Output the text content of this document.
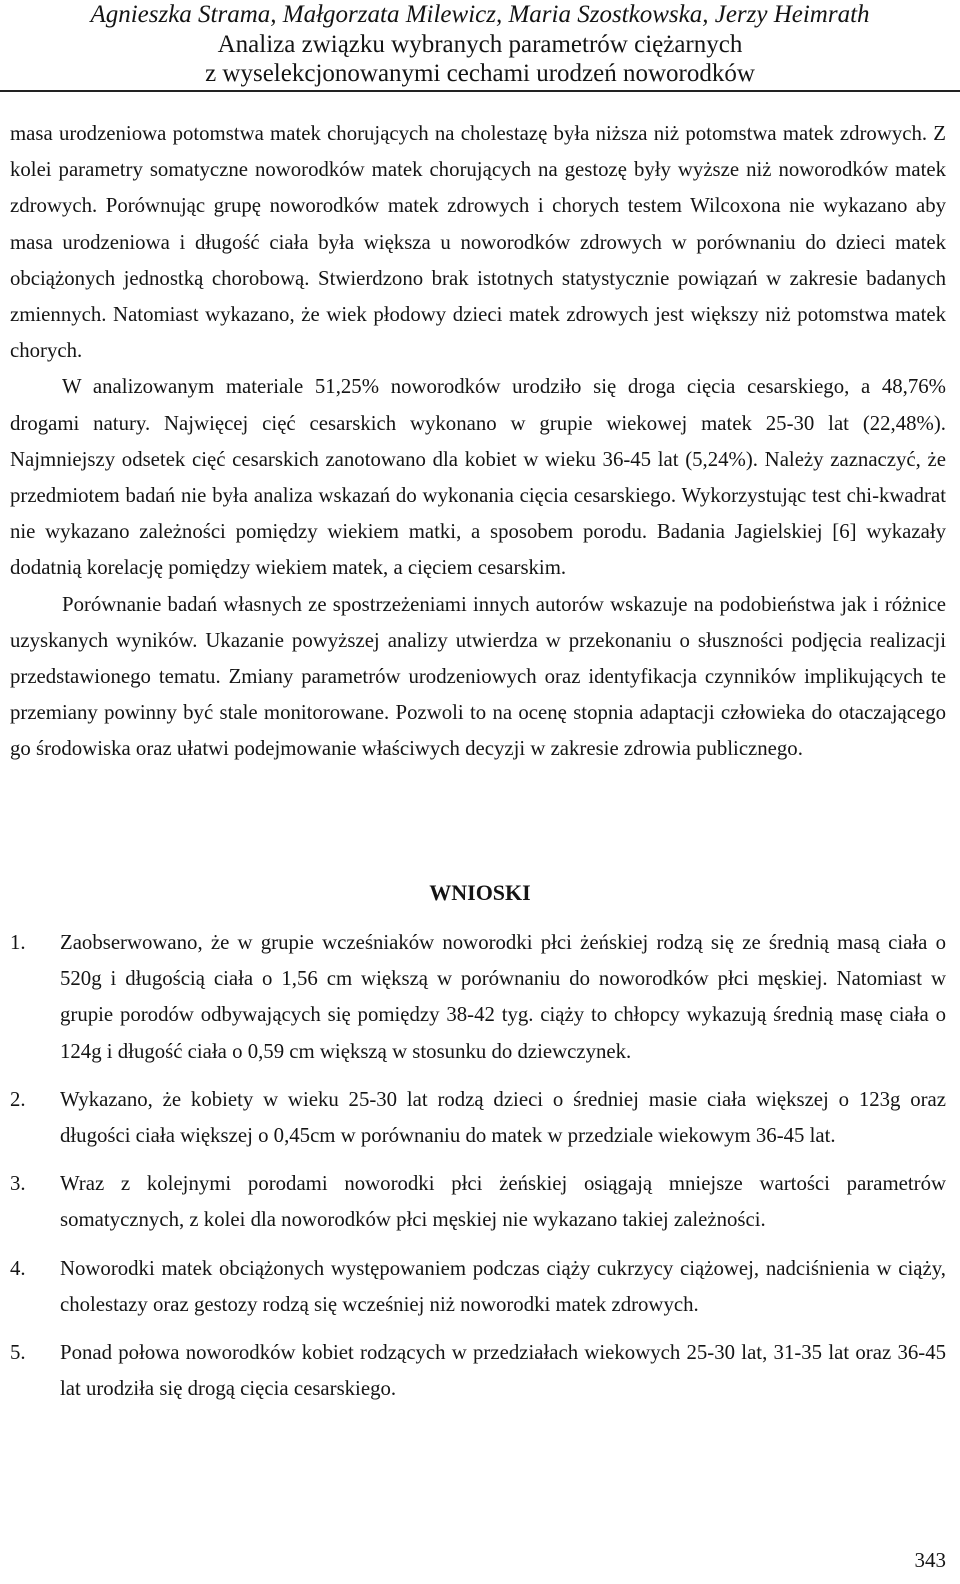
Agnieszka Strama, Małgorzata Milewicz, Maria Szostkowska, Jerzy Heimrath
Analiza związku wybranych parametrów ciężarnych
z wyselekcjonowanymi cechami urodzeń noworodków

masa urodzeniowa potomstwa matek chorujących na cholestazę była niższa niż potomstwa matek zdrowych. Z kolei parametry somatyczne noworodków matek chorujących na gestozę były wyższe niż noworodków matek zdrowych. Porównując grupę noworodków matek zdrowych i chorych testem Wilcoxona nie wykazano aby masa urodzeniowa i długość ciała była większa u noworodków zdrowych w porównaniu do dzieci matek obciążonych jednostką chorobową. Stwierdzono brak istotnych statystycznie powiązań w zakresie badanych zmiennych. Natomiast wykazano, że wiek płodowy dzieci matek zdrowych jest większy niż potomstwa matek chorych.

W analizowanym materiale 51,25% noworodków urodziło się droga cięcia cesarskiego, a 48,76% drogami natury. Najwięcej cięć cesarskich wykonano w grupie wiekowej matek 25-30 lat (22,48%). Najmniejszy odsetek cięć cesarskich zanotowano dla kobiet w wieku 36-45 lat (5,24%). Należy zaznaczyć, że przedmiotem badań nie była analiza wskazań do wykonania cięcia cesarskiego. Wykorzystując test chi-kwadrat nie wykazano zależności pomiędzy wiekiem matki, a sposobem porodu. Badania Jagielskiej [6] wykazały dodatnią korelację pomiędzy wiekiem matek, a cięciem cesarskim.

Porównanie badań własnych ze spostrzeżeniami innych autorów wskazuje na podobieństwa jak i różnice uzyskanych wyników. Ukazanie powyższej analizy utwierdza w przekonaniu o słuszności podjęcia realizacji przedstawionego tematu. Zmiany parametrów urodzeniowych oraz identyfikacja czynników implikujących te przemiany powinny być stale monitorowane. Pozwoli to na ocenę stopnia adaptacji człowieka do otaczającego go środowiska oraz ułatwi podejmowanie właściwych decyzji w zakresie zdrowia publicznego.

WNIOSKI
1. Zaobserwowano, że w grupie wcześniaków noworodki płci żeńskiej rodzą się ze średnią masą ciała o 520g i długością ciała o 1,56 cm większą w porównaniu do noworodków płci męskiej. Natomiast w grupie porodów odbywających się pomiędzy 38-42 tyg. ciąży to chłopcy wykazują średnią masę ciała o 124g i długość ciała o 0,59 cm większą w stosunku do dziewczynek.
2. Wykazano, że kobiety w wieku 25-30 lat rodzą dzieci o średniej masie ciała większej o 123g oraz długości ciała większej o 0,45cm w porównaniu do matek w przedziale wiekowym 36-45 lat.
3. Wraz z kolejnymi porodami noworodki płci żeńskiej osiągają mniejsze wartości parametrów somatycznych, z kolei dla noworodków płci męskiej nie wykazano takiej zależności.
4. Noworodki matek obciążonych występowaniem podczas ciąży cukrzycy ciążowej, nadciśnienia w ciąży, cholestazy oraz gestozy rodzą się wcześniej niż noworodki matek zdrowych.
5. Ponad połowa noworodków kobiet rodzących w przedziałach wiekowych 25-30 lat, 31-35 lat oraz 36-45 lat urodziła się drogą cięcia cesarskiego.
343
